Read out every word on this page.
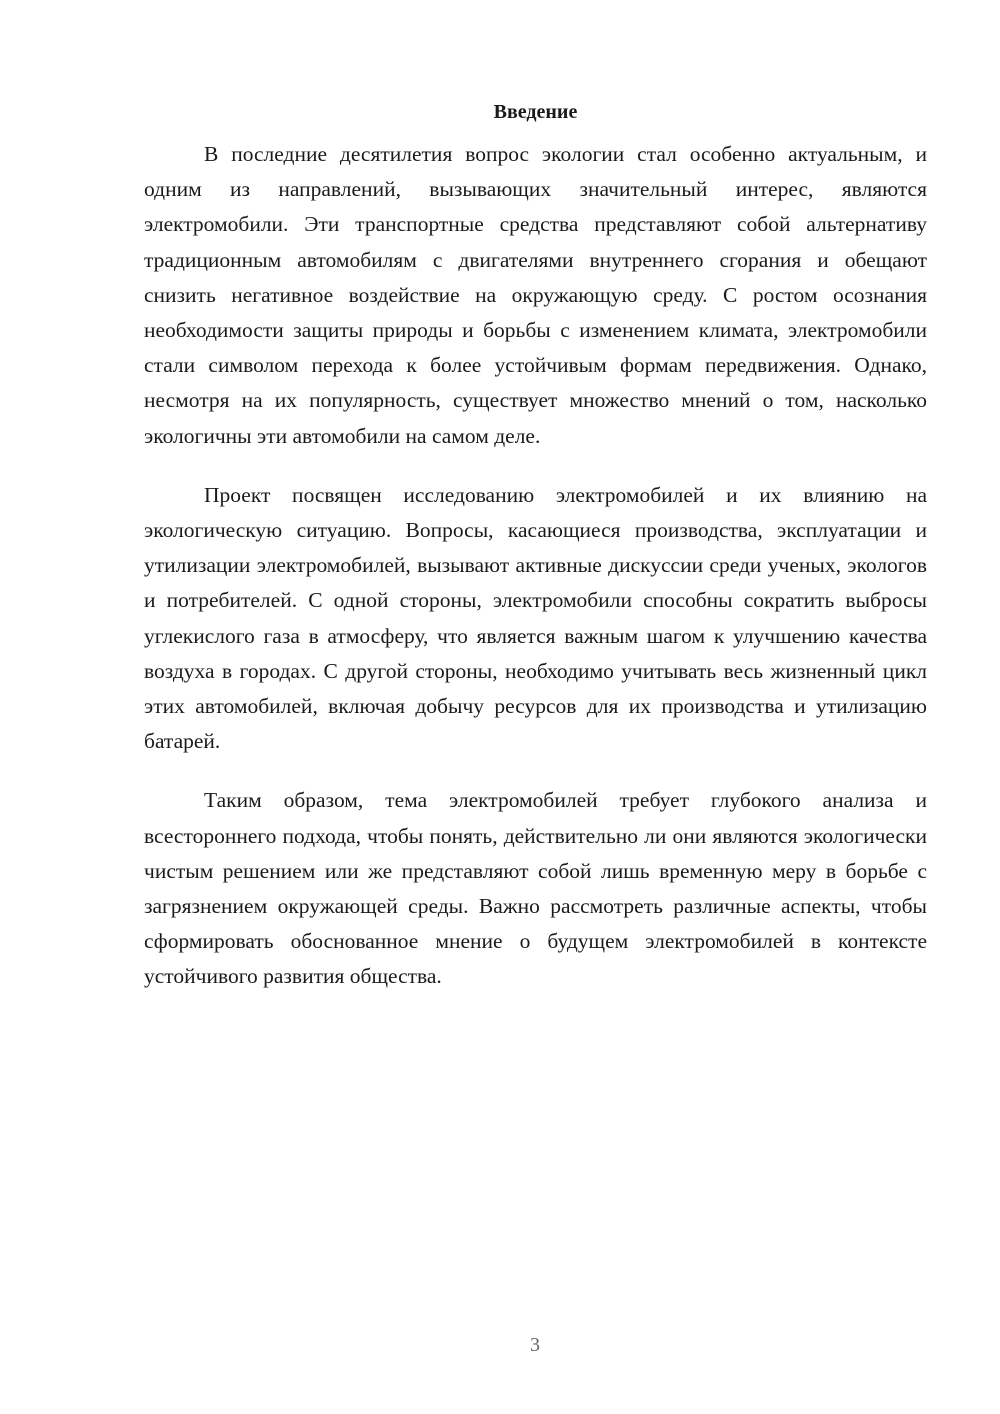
Введение

В последние десятилетия вопрос экологии стал особенно актуальным, и одним из направлений, вызывающих значительный интерес, являются электромобили. Эти транспортные средства представляют собой альтернативу традиционным автомобилям с двигателями внутреннего сгорания и обещают снизить негативное воздействие на окружающую среду. С ростом осознания необходимости защиты природы и борьбы с изменением климата, электромобили стали символом перехода к более устойчивым формам передвижения. Однако, несмотря на их популярность, существует множество мнений о том, насколько экологичны эти автомобили на самом деле.

Проект посвящен исследованию электромобилей и их влиянию на экологическую ситуацию. Вопросы, касающиеся производства, эксплуатации и утилизации электромобилей, вызывают активные дискуссии среди ученых, экологов и потребителей. С одной стороны, электромобили способны сократить выбросы углекислого газа в атмосферу, что является важным шагом к улучшению качества воздуха в городах. С другой стороны, необходимо учитывать весь жизненный цикл этих автомобилей, включая добычу ресурсов для их производства и утилизацию батарей.

Таким образом, тема электромобилей требует глубокого анализа и всестороннего подхода, чтобы понять, действительно ли они являются экологически чистым решением или же представляют собой лишь временную меру в борьбе с загрязнением окружающей среды. Важно рассмотреть различные аспекты, чтобы сформировать обоснованное мнение о будущем электромобилей в контексте устойчивого развития общества.

3
